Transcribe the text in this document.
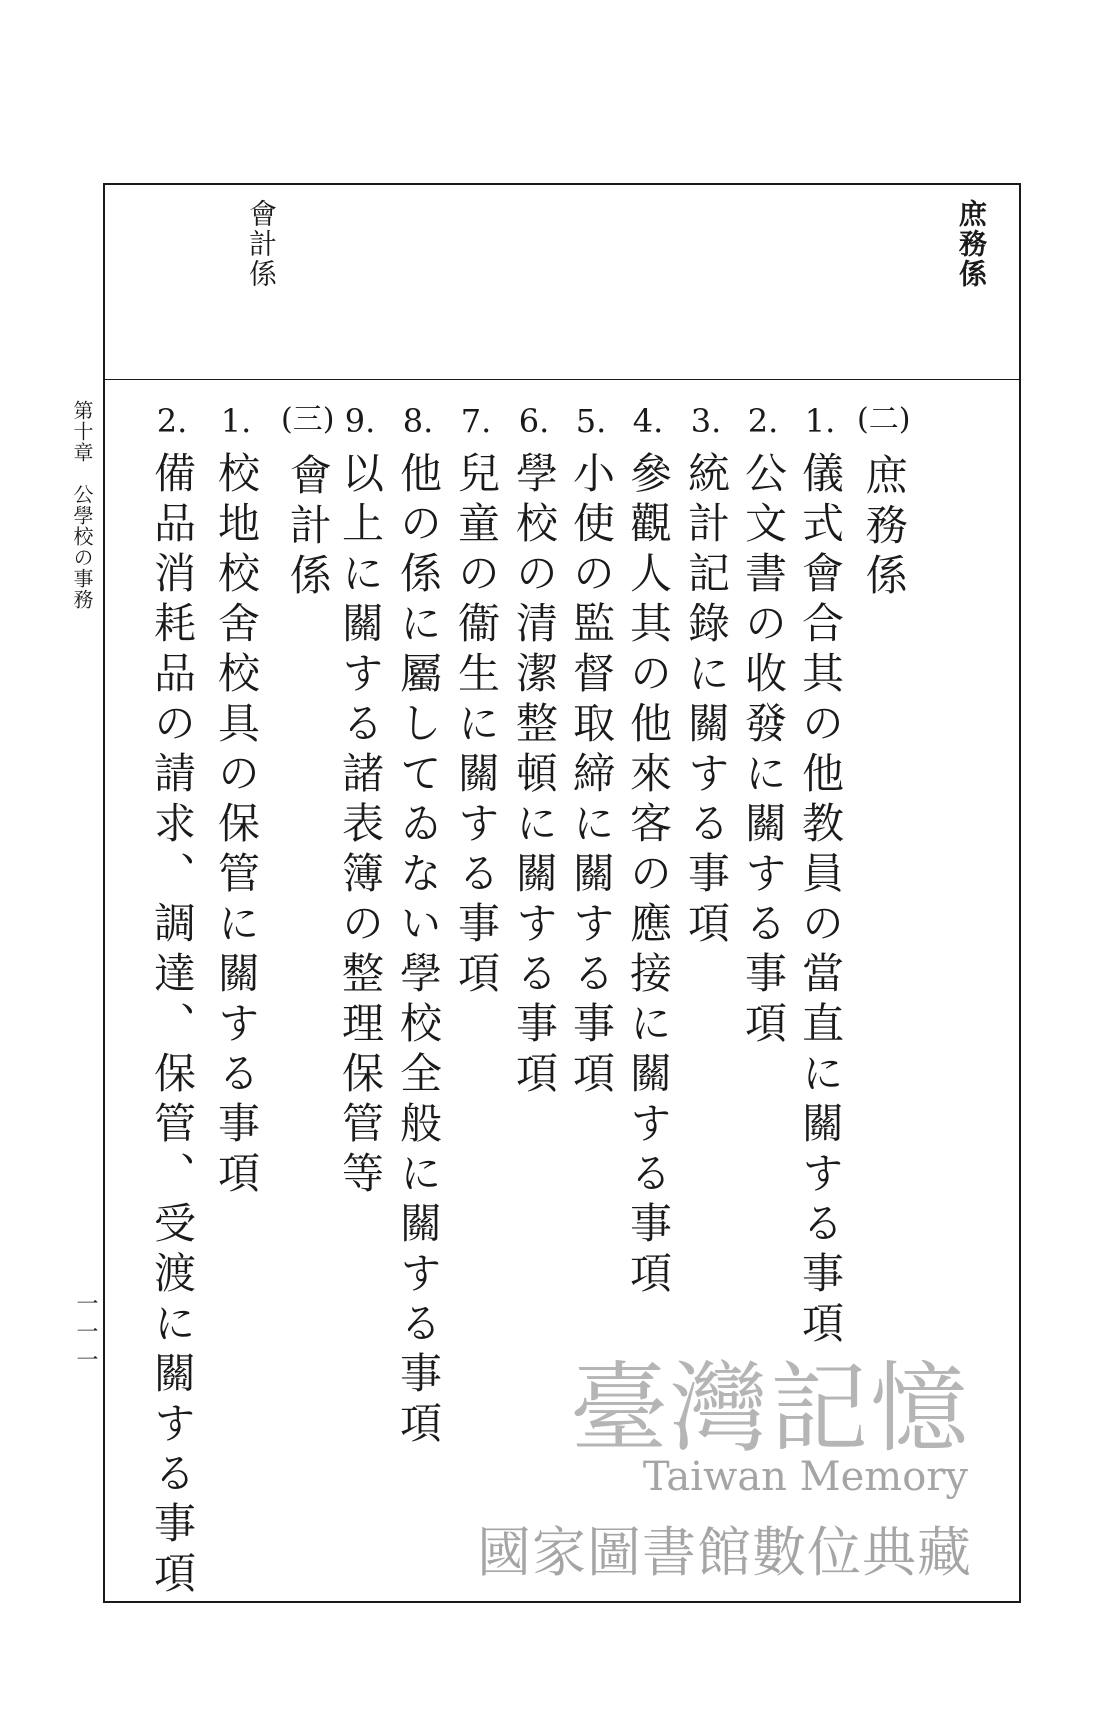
庶務係
會計係
(二)庶務係
1.儀式會合其の他教員の當直に關する事項
2.公文書の收發に關する事項
3.統計記錄に關する事項
4.參觀人其の他來客の應接に關する事項
5.小使の監督取締に關する事項
6.學校の清潔整頓に關する事項
7.兒童の衞生に關する事項
8.他の係に屬してゐない學校全般に關する事項
9.以上に關する諸表簿の整理保管等
(三)會計係
1.校地校舍校具の保管に關する事項
2.備品消耗品の請求、調達、保管、受渡に關する事項
第十章　公學校の事務
一一一
臺灣記憶
Taiwan Memory
國家圖書館數位典藏
